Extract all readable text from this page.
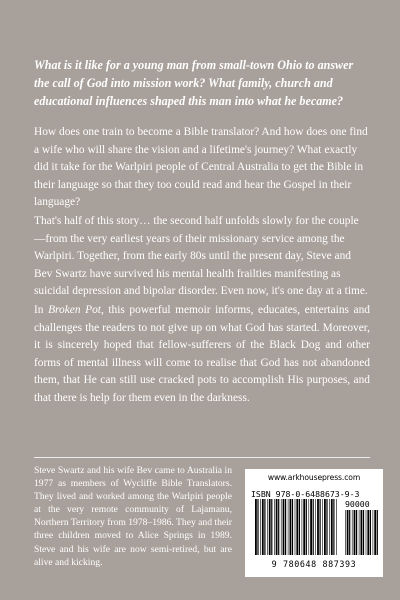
What is it like for a young man from small-town Ohio to answer the call of God into mission work? What family, church and educational influences shaped this man into what he became?

How does one train to become a Bible translator? And how does one find a wife who will share the vision and a lifetime's journey? What exactly did it take for the Warlpiri people of Central Australia to get the Bible in their language so that they too could read and hear the Gospel in their language?

That's half of this story… the second half unfolds slowly for the couple—from the very earliest years of their missionary service among the Warlpiri. Together, from the early 80s until the present day, Steve and Bev Swartz have survived his mental health frailties manifesting as suicidal depression and bipolar disorder. Even now, it's one day at a time.

In Broken Pot, this powerful memoir informs, educates, entertains and challenges the readers to not give up on what God has started. Moreover, it is sincerely hoped that fellow-sufferers of the Black Dog and other forms of mental illness will come to realise that God has not abandoned them, that He can still use cracked pots to accomplish His purposes, and that there is help for them even in the darkness.

Steve Swartz and his wife Bev came to Australia in 1977 as members of Wycliffe Bible Translators. They lived and worked among the Warlpiri people at the very remote community of Lajamanu, Northern Territory from 1978–1986. They and their three children moved to Alice Springs in 1989. Steve and his wife are now semi-retired, but are alive and kicking.

www.arkhousepress.com
ISBN 978-0-6488673-9-3
90000
9 780648 887393
